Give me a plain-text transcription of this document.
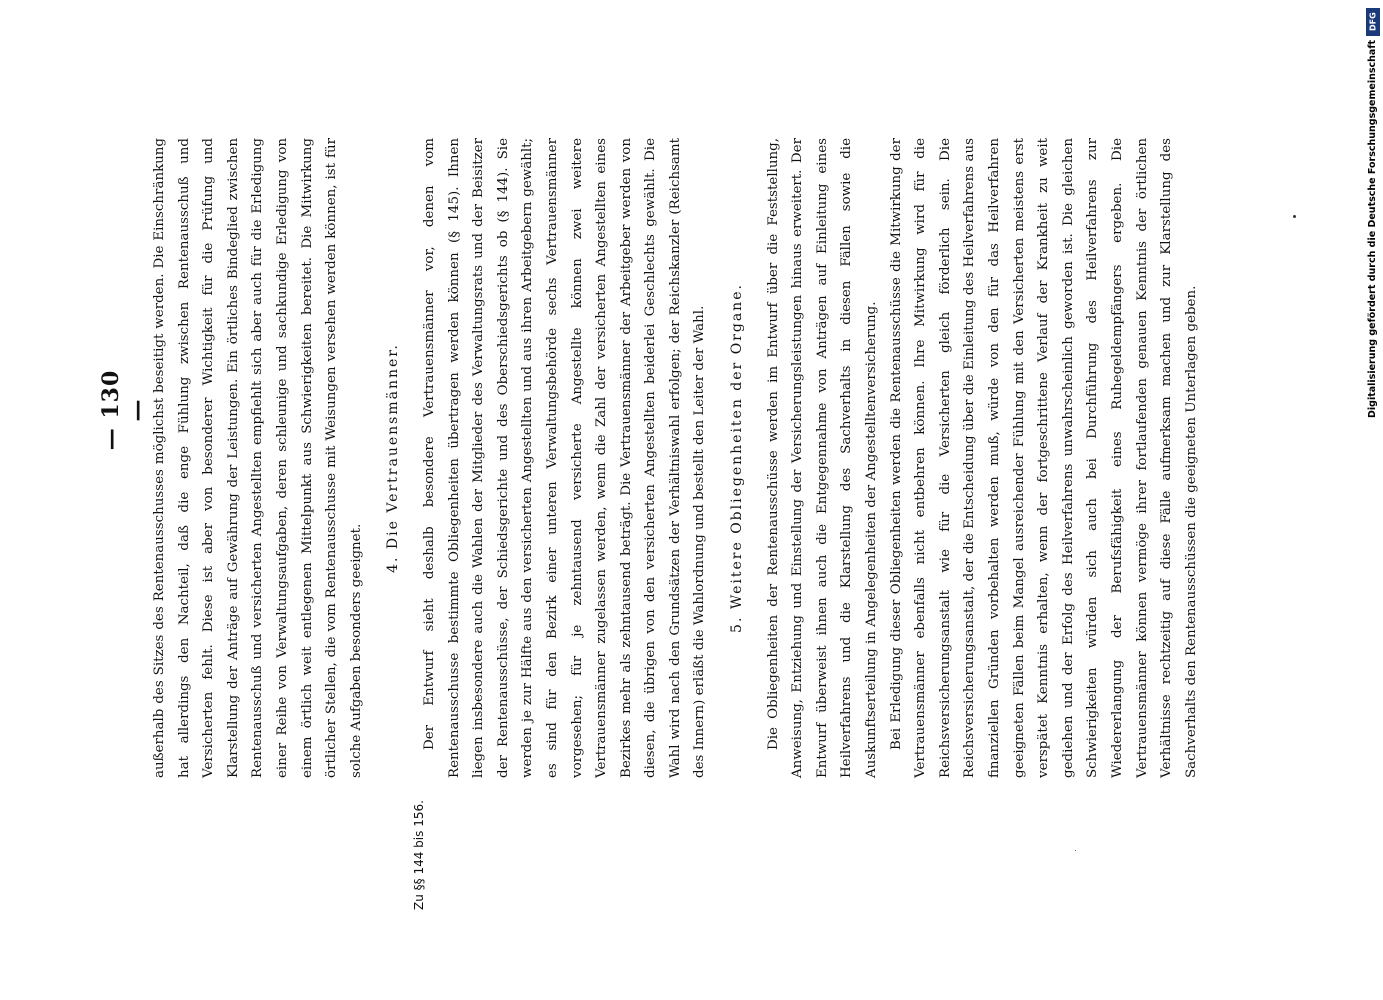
— 130 —
Zu §§ 144 bis 156.

außerhalb des Sitzes des Rentenausschusses möglichst beseitigt werden. Die Einschränkung hat allerdings den Nachteil, daß die enge Fühlung zwischen Rentenausschuß und Versicherten fehlt. Diese ist aber von besonderer Wichtigkeit für die Prüfung und Klarstellung der Anträge auf Gewährung der Leistungen. Ein örtliches Bindeglied zwischen Rentenausschuß und versicherten Angestellten empfiehlt sich aber auch für die Erledigung einer Reihe von Verwaltungsaufgaben, deren schleunige und sachkundige Erledigung von einem örtlich weit entlegenen Mittelpunkt aus Schwierigkeiten bereitet. Die Mitwirkung örtlicher Stellen, die vom Rentenausschusse mit Weisungen versehen werden können, ist für solche Aufgaben besonders geeignet.

4. Die Vertrauensmänner.	Der Entwurf sieht deshalb besondere Vertrauensmänner vor, denen vom Rentenausschusse bestimmte Obliegenheiten übertragen werden können (§ 145). Ihnen liegen insbesondere auch die Wahlen der Mitglieder des Verwaltungsrats und der Beisitzer der Rentenausschüsse, der Schiedsgerichte und des Oberschiedsgerichts ob (§ 144). Sie werden je zur Hälfte aus den versicherten Angestellten und aus ihren Arbeitgebern gewählt; es sind für den Bezirk einer unteren Verwaltungsbehörde sechs Vertrauensmänner vorgesehen; für je zehntausend versicherte Angestellte können zwei weitere Vertrauensmänner zugelassen werden, wenn die Zahl der versicherten Angestellten eines Bezirkes mehr als zehntausend beträgt. Die Vertrauensmänner der Arbeitgeber werden von diesen, die übrigen von den versicherten Angestellten beiderlei Geschlechts gewählt. Die Wahl wird nach den Grundsätzen der Verhältniswahl erfolgen; der Reichskanzler (Reichsamt des Innern) erläßt die Wahlordnung und bestellt den Leiter der Wahl.	5. Weitere Obliegenheiten der Organe.	Die Obliegenheiten der Rentenausschüsse werden im Entwurf über die Feststellung, Anweisung, Entziehung und Einstellung der Versicherungsleistungen hinaus erweitert. Der Entwurf überweist ihnen auch die Entgegennahme von Anträgen auf Einleitung eines Heilverfahrens und die Klarstellung des Sachverhalts in diesen Fällen sowie die Auskunftserteilung in Angelegenheiten der Angestelltenversicherung. Bei Erledigung dieser Obliegenheiten werden die Rentenausschüsse die Mitwirkung der Vertrauensmänner ebenfalls nicht entbehren können. Ihre Mitwirkung wird für die Reichsversicherungsanstalt wie für die Versicherten gleich förderlich sein. Die Reichsversicherungsanstalt, der die Entscheidung über die Einleitung des Heilverfahrens aus finanziellen Gründen vorbehalten werden muß, würde von den für das Heilverfahren geeigneten Fällen beim Mangel ausreichender Fühlung mit den Versicherten meistens erst verspätet Kenntnis erhalten, wenn der fortgeschrittene Verlauf der Krankheit zu weit gediehen und der Erfolg des Heilverfahrens unwahrscheinlich geworden ist. Die gleichen Schwierigkeiten würden sich auch bei Durchführung des Heilverfahrens zur Wiedererlangung der Berufsfähigkeit eines Ruhegeldempfängers ergeben. Die Vertrauensmänner können vermöge ihrer fortlaufenden genauen Kenntnis der örtlichen Verhältnisse rechtzeitig auf diese Fälle aufmerksam machen und zur Klarstellung des Sachverhalts den Rentenausschüssen die geeigneten Unterlagen geben.

DFG
Digitalisierung gefördert durch die Deutsche Forschungsgemeinschaft
